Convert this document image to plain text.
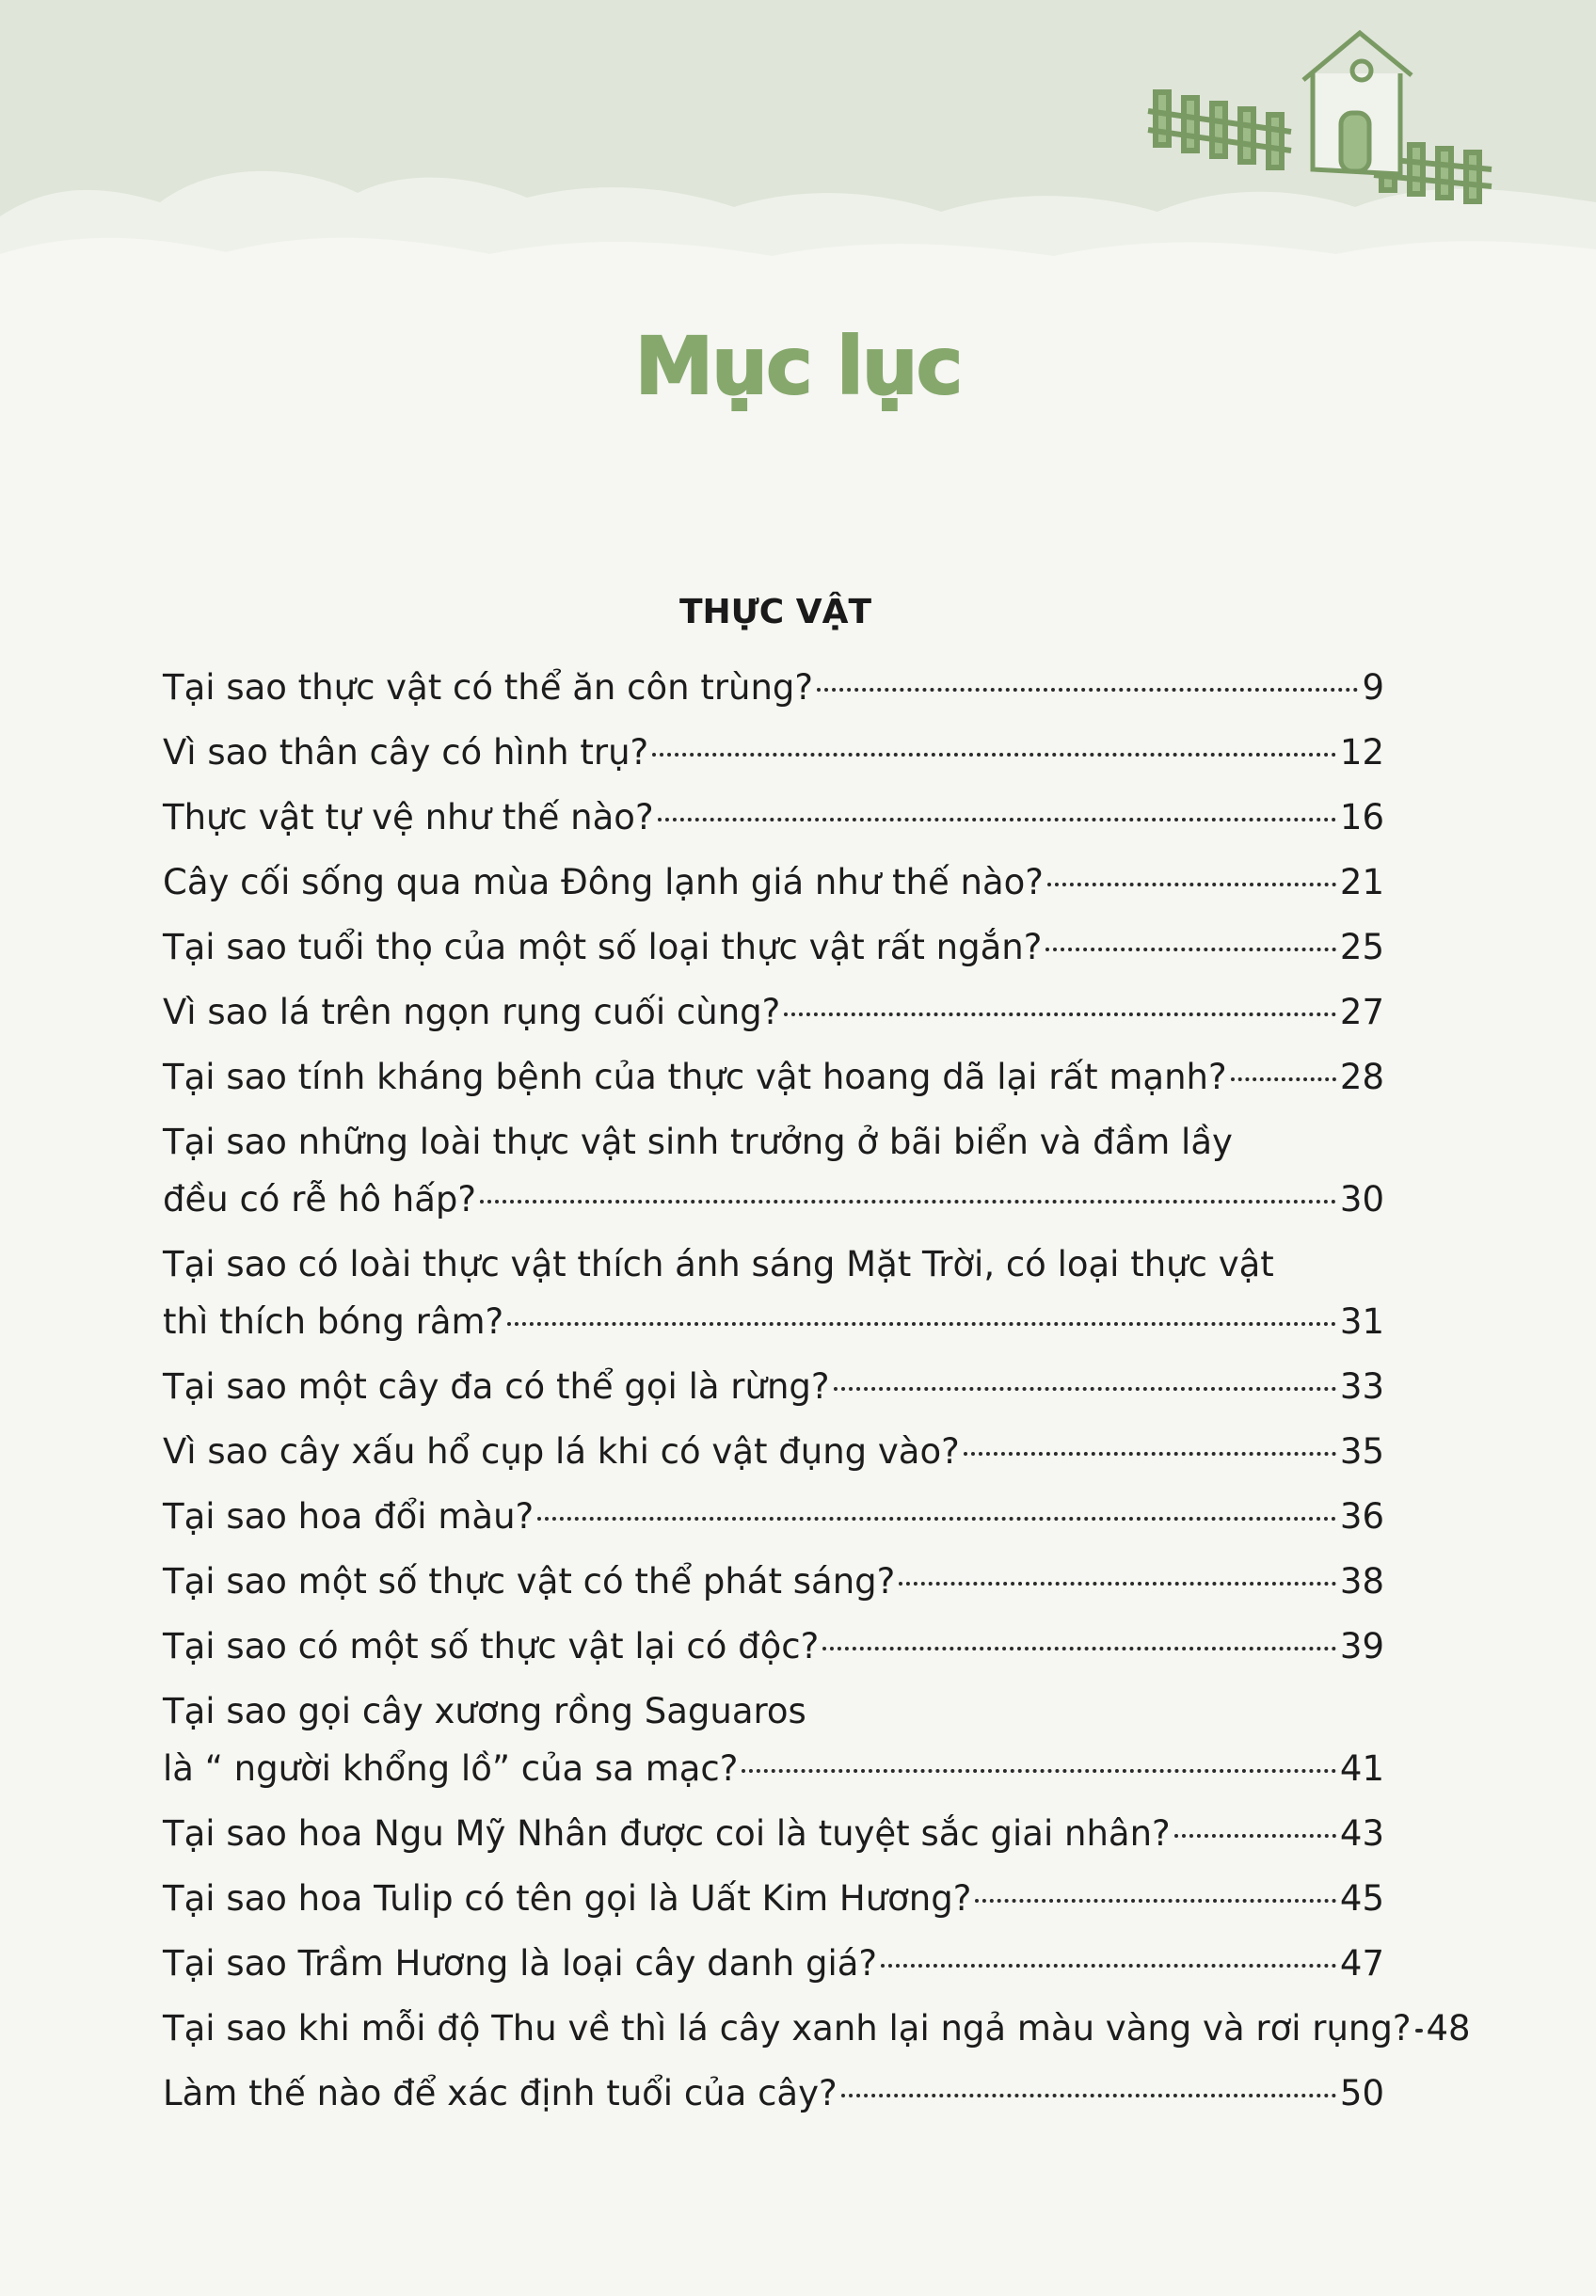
Mục lục
THỰC VẬT
Tại sao thực vật có thể ăn côn trùng?	9
Vì sao thân cây có hình trụ?	12
Thực vật tự vệ như thế nào?	16
Cây cối sống qua mùa Đông lạnh giá như thế nào?	21
Tại sao tuổi thọ của một số loại thực vật rất ngắn?	25
Vì sao lá trên ngọn rụng cuối cùng?	27
Tại sao tính kháng bệnh của thực vật hoang dã lại rất mạnh?	28
Tại sao những loài thực vật sinh trưởng ở bãi biển và đầm lầy
đều có rễ hô hấp?	30
Tại sao có loài thực vật thích ánh sáng Mặt Trời, có loại thực vật
thì thích bóng râm?	31
Tại sao một cây đa có thể gọi là rừng?	33
Vì sao cây xấu hổ cụp lá khi có vật đụng vào?	35
Tại sao hoa đổi màu?	36
Tại sao một số thực vật có thể phát sáng?	38
Tại sao có một số thực vật lại có độc?	39
Tại sao gọi cây xương rồng Saguaros
là “ người khổng lồ” của sa mạc?	41
Tại sao hoa Ngu Mỹ Nhân được coi là tuyệt sắc giai nhân?	43
Tại sao hoa Tulip có tên gọi là Uất Kim Hương?	45
Tại sao Trầm Hương là loại cây danh giá?	47
Tại sao khi mỗi độ Thu về thì lá cây xanh lại ngả màu vàng và rơi rụng? 48
Làm thế nào để xác định tuổi của cây?	50
